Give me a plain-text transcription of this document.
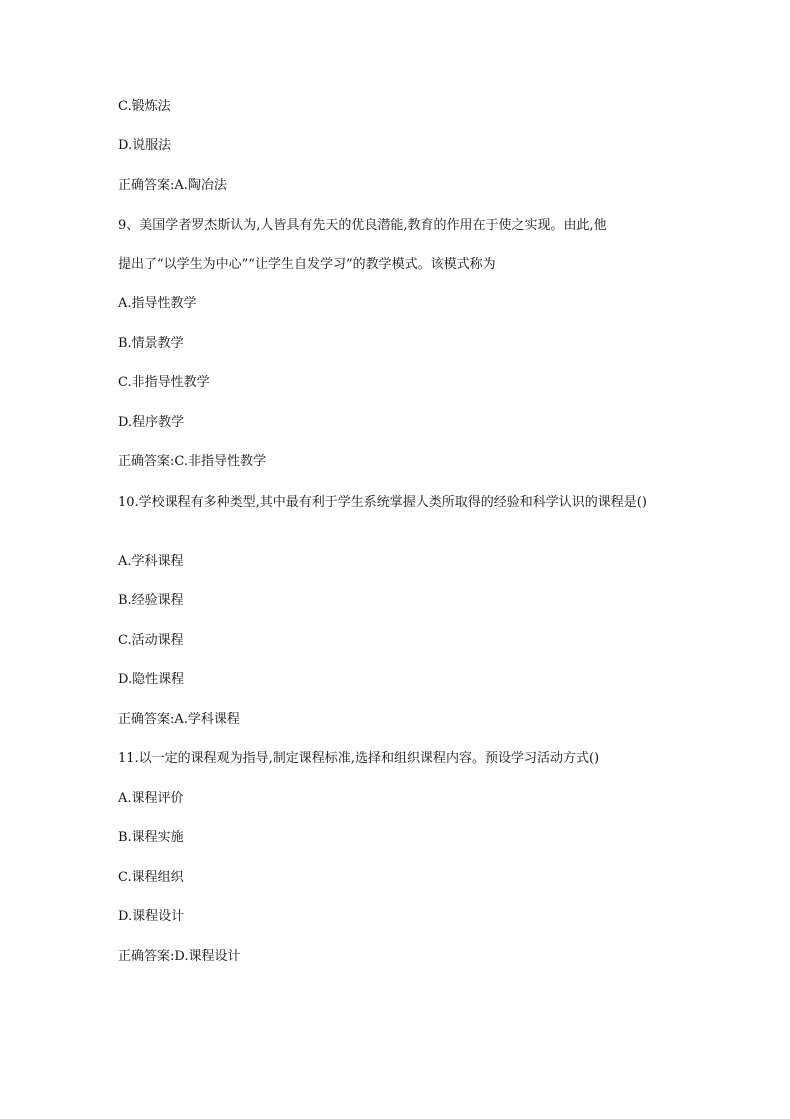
C.锻炼法
D.说服法
正确答案:A.陶冶法
9、美国学者罗杰斯认为,人皆具有先天的优良潜能,教育的作用在于使之实现。由此,他
提出了“以学生为中心”“让学生自发学习”的教学模式。该模式称为
A.指导性教学
B.情景教学
C.非指导性教学
D.程序教学
正确答案:C.非指导性教学
10.学校课程有多种类型,其中最有利于学生系统掌握人类所取得的经验和科学认识的课程是()
A.学科课程
B.经验课程
C.活动课程
D.隐性课程
正确答案:A.学科课程
11.以一定的课程观为指导,制定课程标准,选择和组织课程内容。预设学习活动方式()
A.课程评价
B.课程实施
C.课程组织
D.课程设计
正确答案:D.课程设计
